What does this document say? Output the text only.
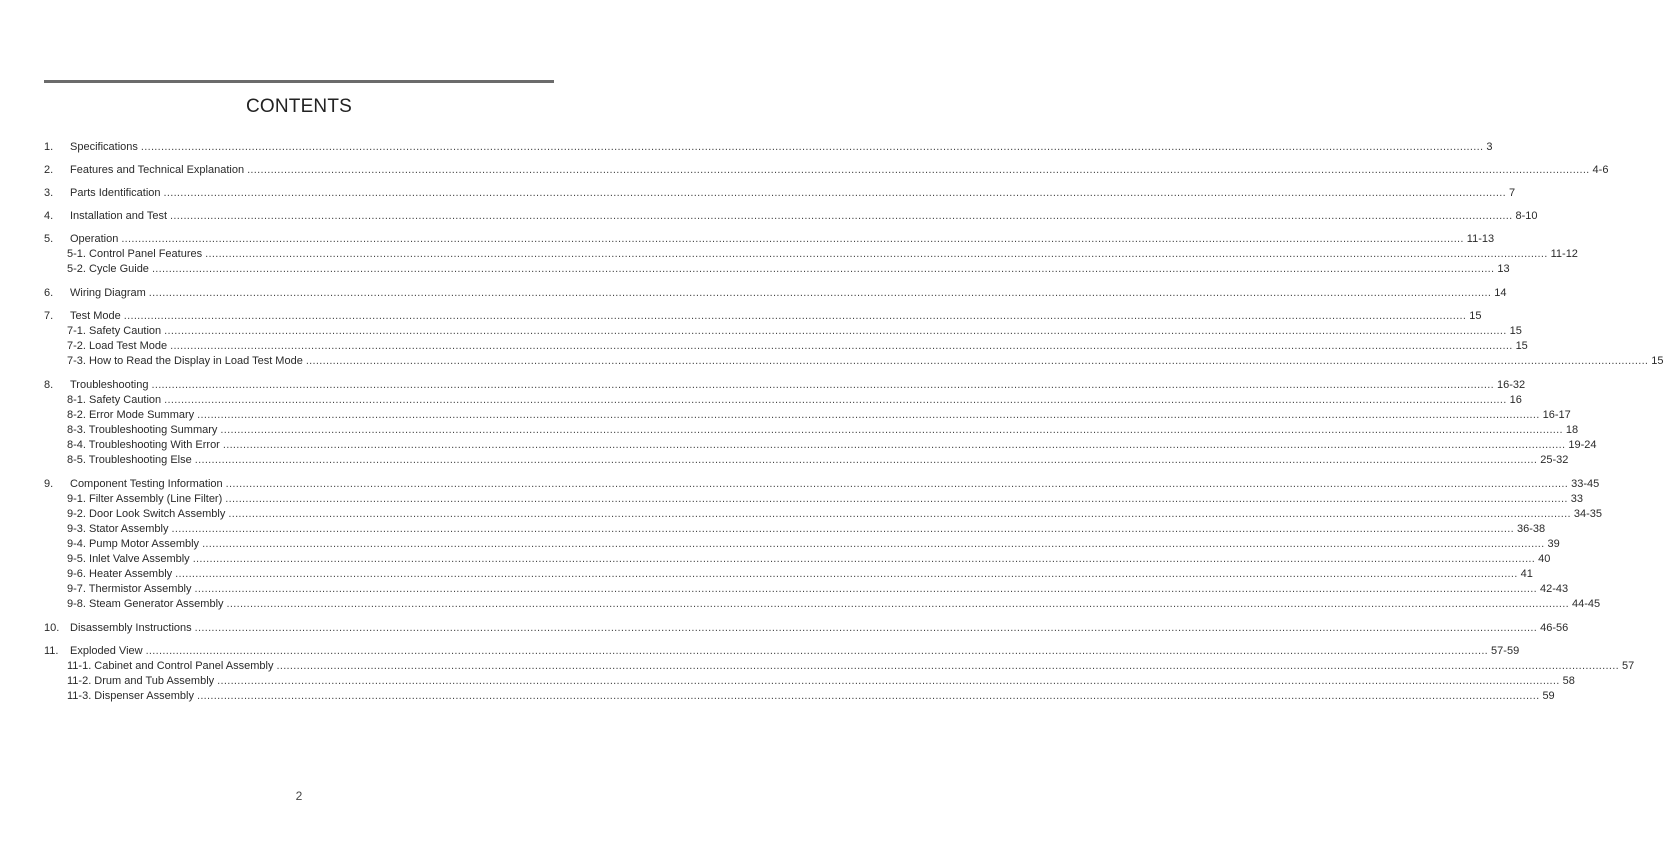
CONTENTS
1.	Specifications ................................................................................................................................................................................................................................................................................................................................................................................................................ 3
2.	Features and Technical Explanation ................................................................................................................................................................................................................................................................................................................................................................................................................ 4-6
3.	Parts Identification ................................................................................................................................................................................................................................................................................................................................................................................................................ 7
4.	Installation and Test ................................................................................................................................................................................................................................................................................................................................................................................................................ 8-10
5.	Operation ................................................................................................................................................................................................................................................................................................................................................................................................................ 11-13
5-1. Control Panel Features ................................................................................................................................................................................................................................................................................................................................................................................................................ 11-12
5-2. Cycle Guide ................................................................................................................................................................................................................................................................................................................................................................................................................ 13
6.	Wiring Diagram ................................................................................................................................................................................................................................................................................................................................................................................................................ 14
7.	Test Mode ................................................................................................................................................................................................................................................................................................................................................................................................................ 15
7-1. Safety Caution ................................................................................................................................................................................................................................................................................................................................................................................................................ 15
7-2. Load Test Mode ................................................................................................................................................................................................................................................................................................................................................................................................................ 15
7-3. How to Read the Display in Load Test Mode ................................................................................................................................................................................................................................................................................................................................................................................................................ 15
8.	Troubleshooting ................................................................................................................................................................................................................................................................................................................................................................................................................ 16-32
8-1. Safety Caution ................................................................................................................................................................................................................................................................................................................................................................................................................ 16
8-2. Error Mode Summary ................................................................................................................................................................................................................................................................................................................................................................................................................ 16-17
8-3. Troubleshooting Summary ................................................................................................................................................................................................................................................................................................................................................................................................................ 18
8-4. Troubleshooting With Error ................................................................................................................................................................................................................................................................................................................................................................................................................ 19-24
8-5. Troubleshooting Else ................................................................................................................................................................................................................................................................................................................................................................................................................ 25-32
9.	Component Testing Information ................................................................................................................................................................................................................................................................................................................................................................................................................ 33-45
9-1. Filter Assembly (Line Filter) ................................................................................................................................................................................................................................................................................................................................................................................................................ 33
9-2. Door Look Switch Assembly ................................................................................................................................................................................................................................................................................................................................................................................................................ 34-35
9-3. Stator Assembly ................................................................................................................................................................................................................................................................................................................................................................................................................ 36-38
9-4. Pump Motor Assembly ................................................................................................................................................................................................................................................................................................................................................................................................................ 39
9-5. Inlet Valve Assembly ................................................................................................................................................................................................................................................................................................................................................................................................................ 40
9-6. Heater Assembly ................................................................................................................................................................................................................................................................................................................................................................................................................ 41
9-7. Thermistor Assembly ................................................................................................................................................................................................................................................................................................................................................................................................................ 42-43
9-8. Steam Generator Assembly ................................................................................................................................................................................................................................................................................................................................................................................................................ 44-45
10. Disassembly Instructions ................................................................................................................................................................................................................................................................................................................................................................................................................ 46-56
11.	Exploded View ................................................................................................................................................................................................................................................................................................................................................................................................................ 57-59
11-1. Cabinet and Control Panel Assembly ................................................................................................................................................................................................................................................................................................................................................................................................................ 57
11-2. Drum and Tub Assembly ................................................................................................................................................................................................................................................................................................................................................................................................................ 58
11-3. Dispenser Assembly ................................................................................................................................................................................................................................................................................................................................................................................................................ 59
2
